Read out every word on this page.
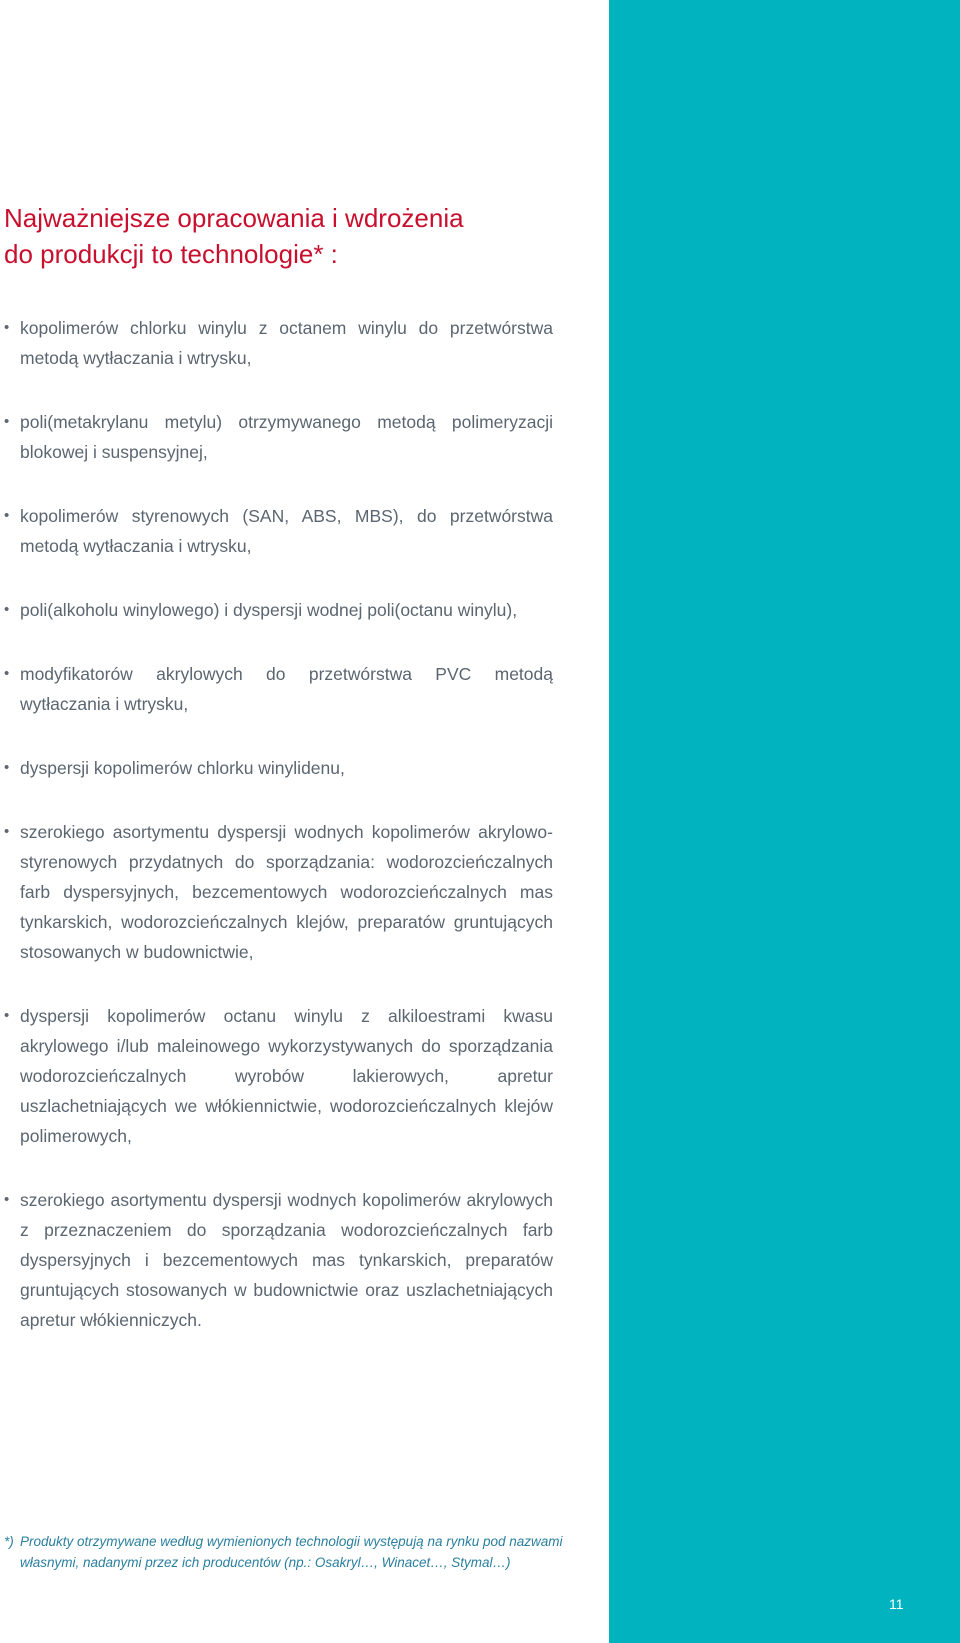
Najważniejsze opracowania i wdrożenia
do produkcji to technologie* :
• kopolimerów chlorku winylu z octanem winylu do przetwórstwa metodą wytłaczania i wtrysku,
• poli(metakrylanu metylu) otrzymywanego metodą polimeryzacji blokowej i suspensyjnej,
• kopolimerów styrenowych (SAN, ABS, MBS), do przetwórstwa metodą wytłaczania i wtrysku,
• poli(alkoholu winylowego) i dyspersji wodnej poli(octanu winylu),
• modyfikatorów akrylowych do przetwórstwa PVC metodą wytłaczania i wtrysku,
• dyspersji kopolimerów chlorku winylidenu,
• szerokiego asortymentu dyspersji wodnych kopolimerów akrylowo-styrenowych przydatnych do sporządzania: wodorozcieńczalnych farb dyspersyjnych, bezcementowych wodorozcieńczalnych mas tynkarskich, wodorozcieńczalnych klejów, preparatów gruntujących stosowanych w budownictwie,
• dyspersji kopolimerów octanu winylu z alkiloestrami kwasu akrylowego i/lub maleinowego wykorzystywanych do sporządzania wodorozcieńczalnych wyrobów lakierowych, apretur uszlachetniających we włókiennictwie, wodorozcieńczalnych klejów polimerowych,
• szerokiego asortymentu dyspersji wodnych kopolimerów akrylowych z przeznaczeniem do sporządzania wodorozcieńczalnych farb dyspersyjnych i bezcementowych mas tynkarskich, preparatów gruntujących stosowanych w budownictwie oraz uszlachetniających apretur włókienniczych.
*) Produkty otrzymywane według wymienionych technologii występują na rynku pod nazwami własnymi, nadanymi przez ich producentów (np.: Osakryl…, Winacet…, Stymal…)
11
